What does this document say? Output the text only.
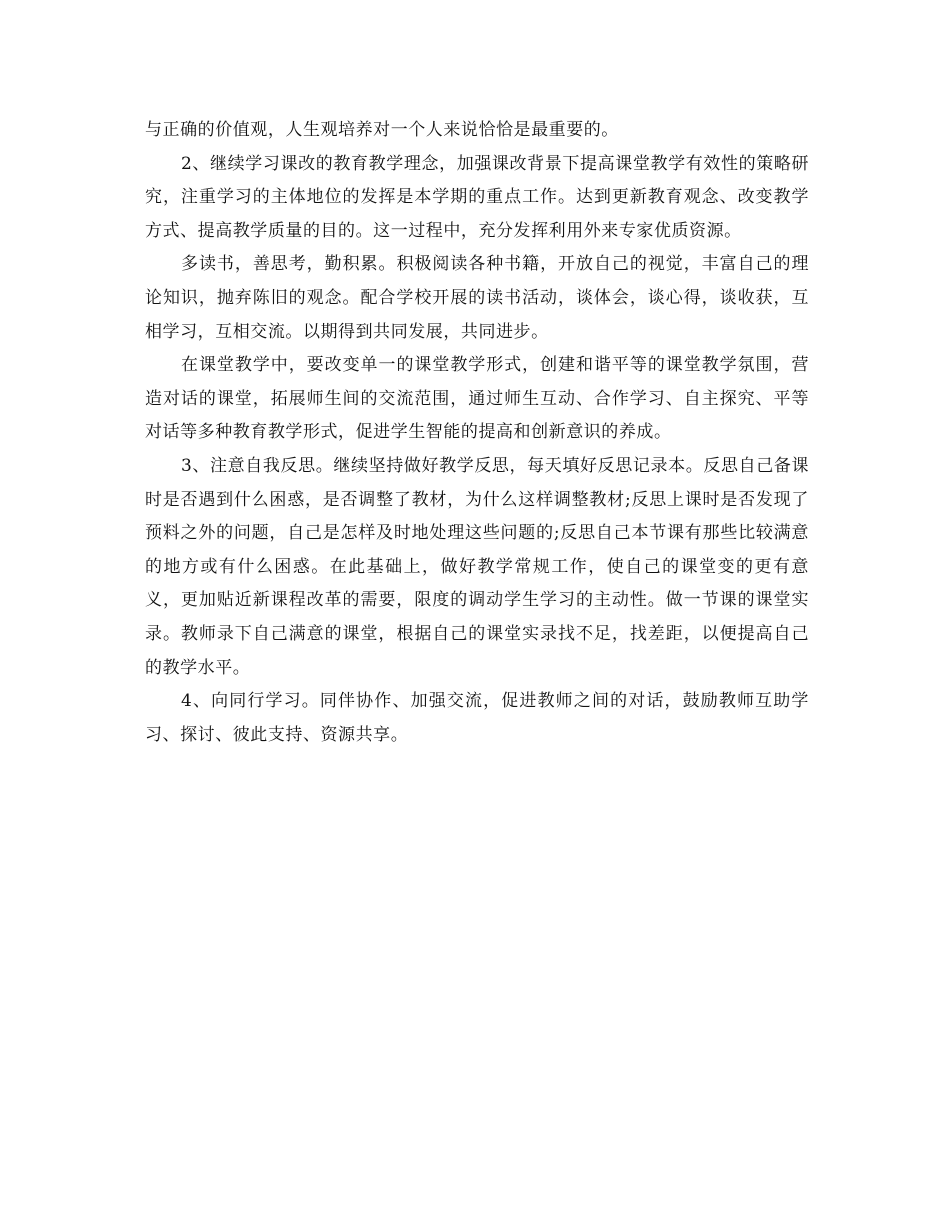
与正确的价值观，人生观培养对一个人来说恰恰是最重要的。

2、继续学习课改的教育教学理念，加强课改背景下提高课堂教学有效性的策略研究，注重学习的主体地位的发挥是本学期的重点工作。达到更新教育观念、改变教学方式、提高教学质量的目的。这一过程中，充分发挥利用外来专家优质资源。

多读书，善思考，勤积累。积极阅读各种书籍，开放自己的视觉，丰富自己的理论知识，抛弃陈旧的观念。配合学校开展的读书活动，谈体会，谈心得，谈收获，互相学习，互相交流。以期得到共同发展，共同进步。

在课堂教学中，要改变单一的课堂教学形式，创建和谐平等的课堂教学氛围，营造对话的课堂，拓展师生间的交流范围，通过师生互动、合作学习、自主探究、平等对话等多种教育教学形式，促进学生智能的提高和创新意识的养成。

3、注意自我反思。继续坚持做好教学反思，每天填好反思记录本。反思自己备课时是否遇到什么困惑，是否调整了教材，为什么这样调整教材;反思上课时是否发现了预料之外的问题，自己是怎样及时地处理这些问题的;反思自己本节课有那些比较满意的地方或有什么困惑。在此基础上，做好教学常规工作，使自己的课堂变的更有意义，更加贴近新课程改革的需要，限度的调动学生学习的主动性。做一节课的课堂实录。教师录下自己满意的课堂，根据自己的课堂实录找不足，找差距，以便提高自己的教学水平。

4、向同行学习。同伴协作、加强交流，促进教师之间的对话，鼓励教师互助学习、探讨、彼此支持、资源共享。
